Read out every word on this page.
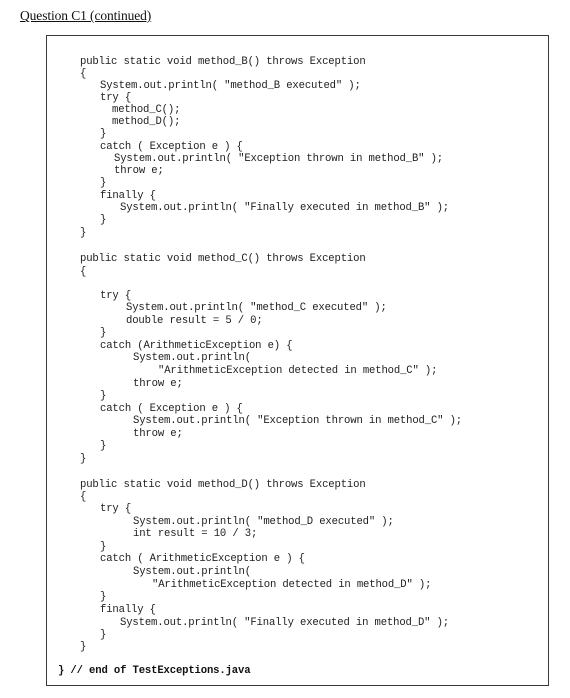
Question C1 (continued)
public static void method_B() throws Exception
{
System.out.println( "method_B executed" );
try {
method_C();
method_D();
}
catch ( Exception e ) {
System.out.println( "Exception thrown in method_B" );
throw e;
}
finally {
System.out.println( "Finally executed in method_B" );
}
}
public static void method_C() throws Exception
{
try {
System.out.println( "method_C executed" );
double result = 5 / 0;
}
catch (ArithmeticException e) {
System.out.println(
"ArithmeticException detected in method_C" );
throw e;
}
catch ( Exception e ) {
System.out.println( "Exception thrown in method_C" );
throw e;
}
}
public static void method_D() throws Exception
{
try {
System.out.println( "method_D executed" );
int result = 10 / 3;
}
catch ( ArithmeticException e ) {
System.out.println(
"ArithmeticException detected in method_D" );
}
finally {
System.out.println( "Finally executed in method_D" );
}
}
} // end of TestExceptions.java
